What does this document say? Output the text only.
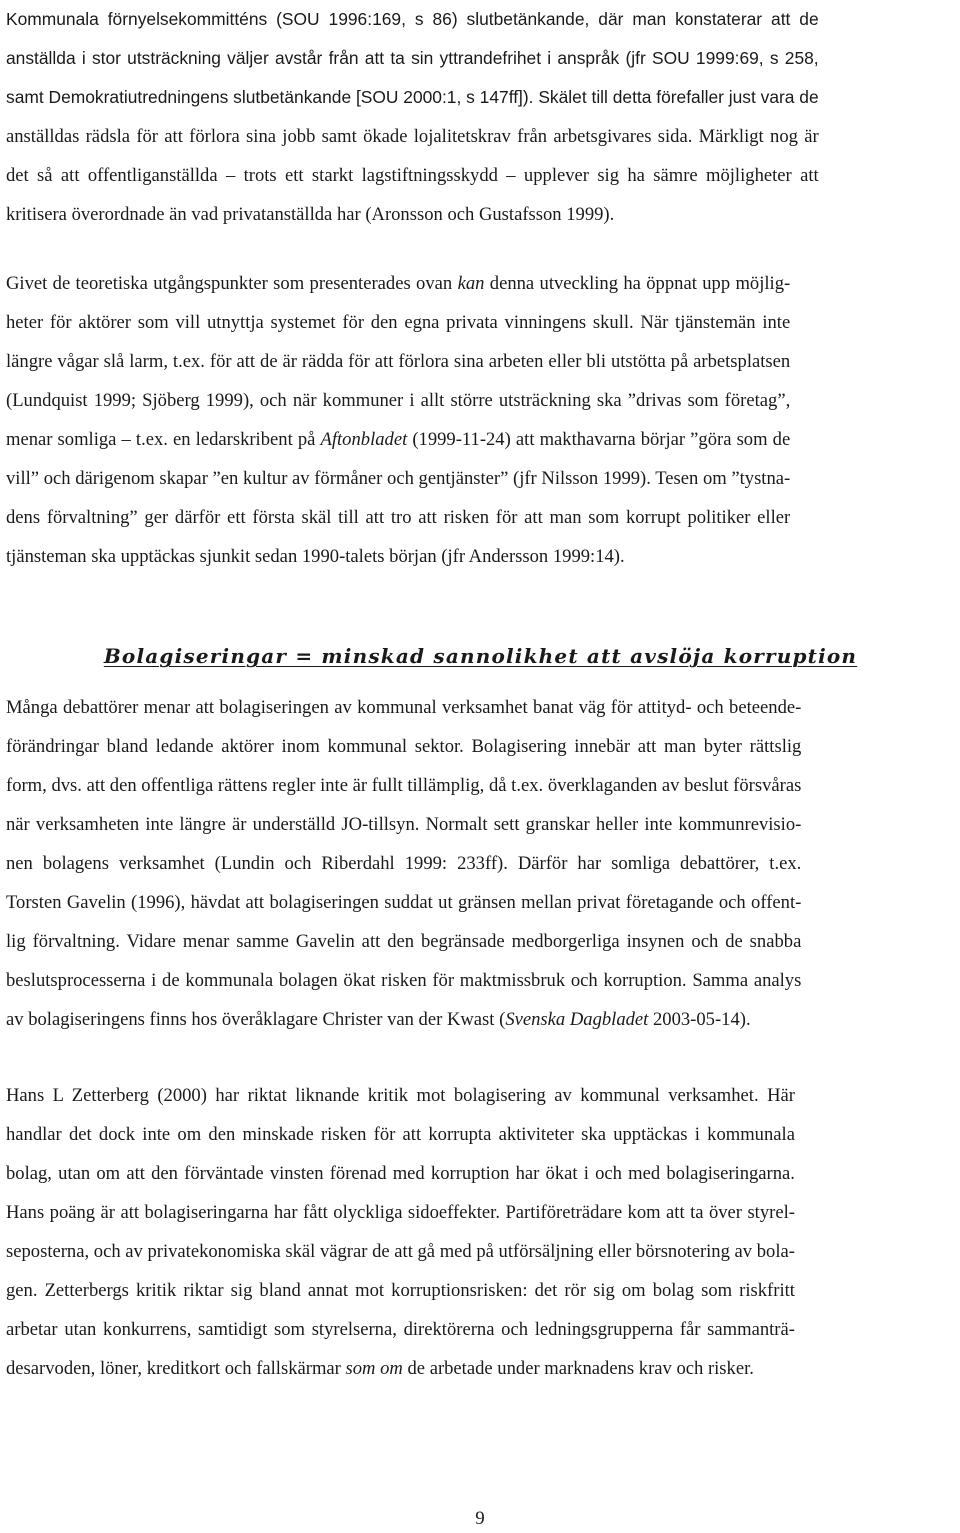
Kommunala förnyelsekommitténs (SOU 1996:169, s 86) slutbetänkande, där man konstaterar att de
anställda i stor utsträckning väljer avstår från att ta sin yttrandefrihet i anspråk (jfr SOU 1999:69, s 258,
samt Demokratiutredningens slutbetänkande [SOU 2000:1, s 147ff]). Skälet till detta förefaller just vara de
anställdas rädsla för att förlora sina jobb samt ökade lojalitetskrav från arbetsgivares sida. Märkligt nog är
det så att offentliganställda – trots ett starkt lagstiftningsskydd – upplever sig ha sämre möjligheter att
kritisera överordnade än vad privatanställda har (Aronsson och Gustafsson 1999).
Givet de teoretiska utgångspunkter som presenterades ovan kan denna utveckling ha öppnat upp möjlig-
heter för aktörer som vill utnyttja systemet för den egna privata vinningens skull. När tjänstemän inte
längre vågar slå larm, t.ex. för att de är rädda för att förlora sina arbeten eller bli utstötta på arbetsplatsen
(Lundquist 1999; Sjöberg 1999), och när kommuner i allt större utsträckning ska ”drivas som företag”,
menar somliga – t.ex. en ledarskribent på Aftonbladet (1999-11-24) att makthavarna börjar ”göra som de
vill” och därigenom skapar ”en kultur av förmåner och gentjänster” (jfr Nilsson 1999). Tesen om ”tystna-
dens förvaltning” ger därför ett första skäl till att tro att risken för att man som korrupt politiker eller
tjänsteman ska upptäckas sjunkit sedan 1990-talets början (jfr Andersson 1999:14).
Bolagiseringar = minskad sannolikhet att avslöja korruption
Många debattörer menar att bolagiseringen av kommunal verksamhet banat väg för attityd- och beteende-
förändringar bland ledande aktörer inom kommunal sektor. Bolagisering innebär att man byter rättslig
form, dvs. att den offentliga rättens regler inte är fullt tillämplig, då t.ex. överklaganden av beslut försvåras
när verksamheten inte längre är underställd JO-tillsyn. Normalt sett granskar heller inte kommunrevisio-
nen bolagens verksamhet (Lundin och Riberdahl 1999: 233ff). Därför har somliga debattörer, t.ex.
Torsten Gavelin (1996), hävdat att bolagiseringen suddat ut gränsen mellan privat företagande och offent-
lig förvaltning. Vidare menar samme Gavelin att den begränsade medborgerliga insynen och de snabba
beslutsprocesserna i de kommunala bolagen ökat risken för maktmissbruk och korruption. Samma analys
av bolagiseringens finns hos överåklagare Christer van der Kwast (Svenska Dagbladet 2003-05-14).
Hans L Zetterberg (2000) har riktat liknande kritik mot bolagisering av kommunal verksamhet. Här
handlar det dock inte om den minskade risken för att korrupta aktiviteter ska upptäckas i kommunala
bolag, utan om att den förväntade vinsten förenad med korruption har ökat i och med bolagiseringarna.
Hans poäng är att bolagiseringarna har fått olyckliga sidoeffekter. Partiföreträdare kom att ta över styrel-
seposterna, och av privatekonomiska skäl vägrar de att gå med på utförsäljning eller börsnotering av bola-
gen. Zetterbergs kritik riktar sig bland annat mot korruptionsrisken: det rör sig om bolag som riskfritt
arbetar utan konkurrens, samtidigt som styrelserna, direktörerna och ledningsgrupperna får sammanträ-
desarvoden, löner, kreditkort och fallskärmar som om de arbetade under marknadens krav och risker.
9
